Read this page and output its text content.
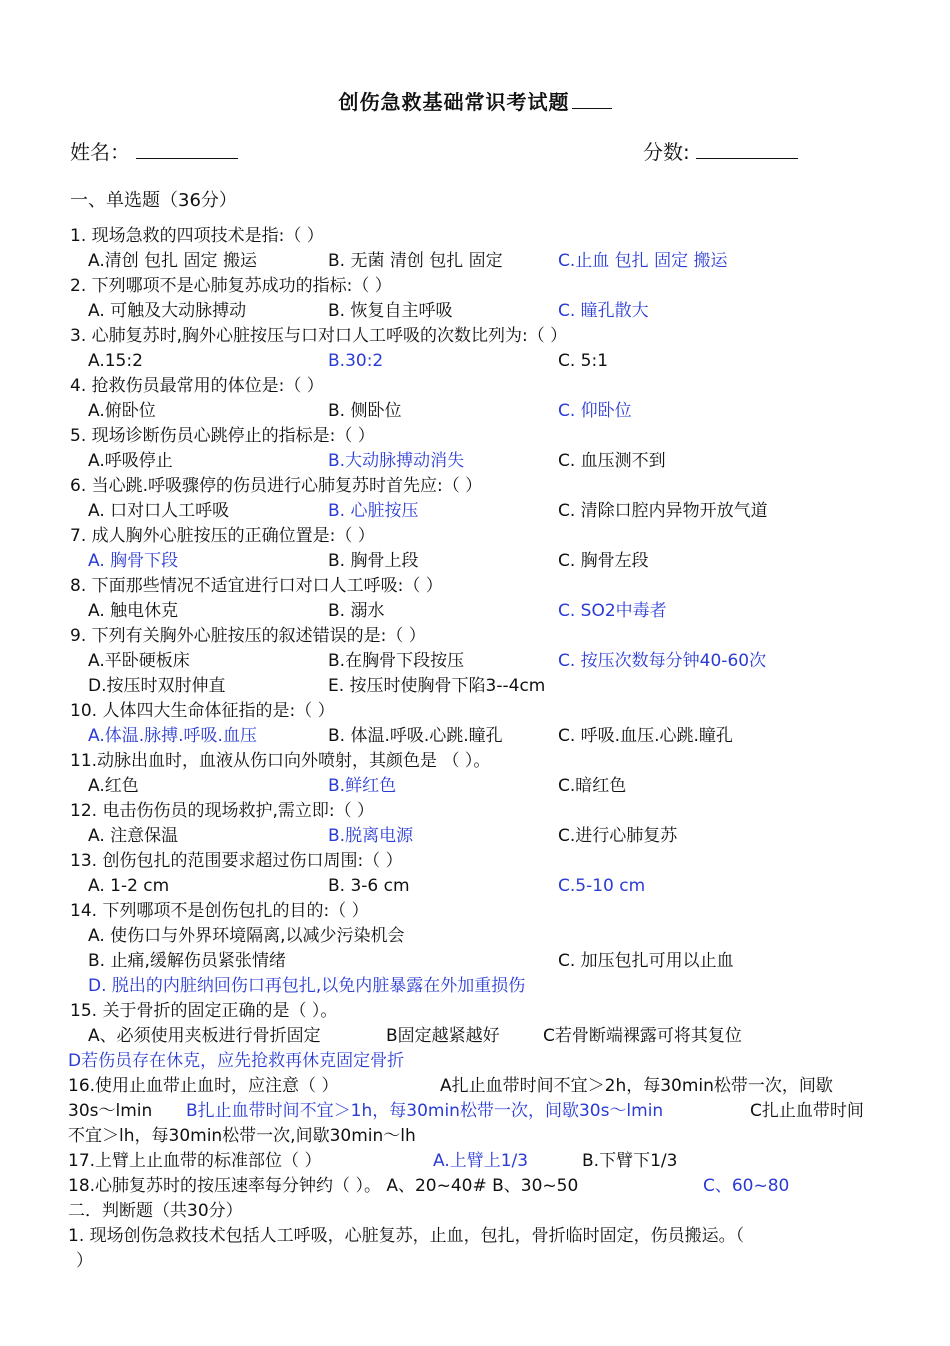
创伤急救基础常识考试题
姓名：	分数:
一、单选题（36分）
1. 现场急救的四项技术是指:（ ）
A.清创 包扎 固定 搬运	B. 无菌 清创 包扎 固定	C.止血 包扎 固定 搬运
2. 下列哪项不是心肺复苏成功的指标:（ ）
A. 可触及大动脉搏动	B. 恢复自主呼吸	C. 瞳孔散大
3. 心肺复苏时,胸外心脏按压与口对口人工呼吸的次数比列为:（ ）
A.15:2	B.30:2	C. 5:1
4. 抢救伤员最常用的体位是:（ ）
A.俯卧位	B. 侧卧位	C. 仰卧位
5. 现场诊断伤员心跳停止的指标是:（ ）
A.呼吸停止	B.大动脉搏动消失	C. 血压测不到
6. 当心跳.呼吸骤停的伤员进行心肺复苏时首先应:（ ）
A. 口对口人工呼吸	B. 心脏按压	C. 清除口腔内异物开放气道
7. 成人胸外心脏按压的正确位置是:（ ）
A. 胸骨下段	B. 胸骨上段	C. 胸骨左段
8. 下面那些情况不适宜进行口对口人工呼吸:（ ）
A. 触电休克	B. 溺水	C. SO2中毒者
9. 下列有关胸外心脏按压的叙述错误的是:（ ）
A.平卧硬板床	B.在胸骨下段按压	C. 按压次数每分钟40-60次
D.按压时双肘伸直	E. 按压时使胸骨下陷3--4cm
10. 人体四大生命体征指的是:（ ）
A.体温.脉搏.呼吸.血压	B. 体温.呼吸.心跳.瞳孔	C. 呼吸.血压.心跳.瞳孔
11.动脉出血时，血液从伤口向外喷射，其颜色是 （ ）。
A.红色	B.鲜红色	C.暗红色
12. 电击伤伤员的现场救护,需立即:（ ）
A. 注意保温	B.脱离电源	C.进行心肺复苏
13. 创伤包扎的范围要求超过伤口周围:（ ）
A. 1-2 cm	B. 3-6 cm	C.5-10 cm
14. 下列哪项不是创伤包扎的目的:（ ）
A. 使伤口与外界环境隔离,以减少污染机会
B. 止痛,缓解伤员紧张情绪	C. 加压包扎可用以止血
D. 脱出的内脏纳回伤口再包扎,以免内脏暴露在外加重损伤
15. 关于骨折的固定正确的是（ ）。
A、必须使用夹板进行骨折固定	B固定越紧越好	C若骨断端裸露可将其复位
D若伤员存在休克，应先抢救再休克固定骨折
16.使用止血带止血时，应注意（ ）	A扎止血带时间不宜＞2h，每30min松带一次，间歇
30s～lmin B扎止血带时间不宜＞1h，每30min松带一次，间歇30s～lmin	C扎止血带时间
不宜＞lh，每30min松带一次,间歇30min～lh
17.上臂上止血带的标准部位（ ）	A.上臂上1/3	B.下臂下1/3
18.心肺复苏时的按压速率每分钟约（ ）。 A、20~40# B、30~50	C、60~80
二．判断题（共30分）
1. 现场创伤急救技术包括人工呼吸，心脏复苏，止血，包扎，骨折临时固定，伤员搬运。（
）
